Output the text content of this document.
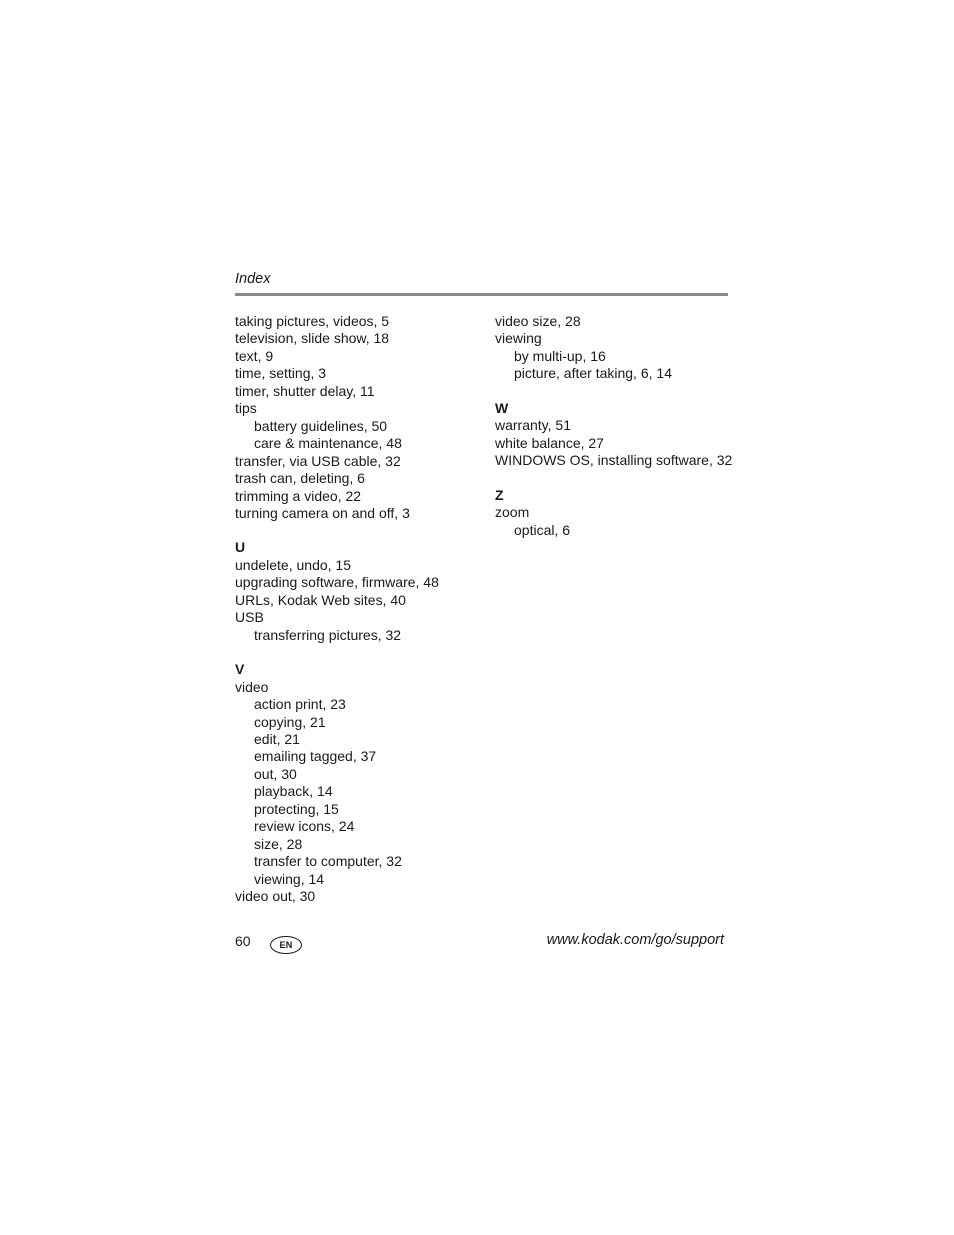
Index
taking pictures, videos, 5
television, slide show, 18
text, 9
time, setting, 3
timer, shutter delay, 11
tips
battery guidelines, 50
care & maintenance, 48
transfer, via USB cable, 32
trash can, deleting, 6
trimming a video, 22
turning camera on and off, 3
U
undelete, undo, 15
upgrading software, firmware, 48
URLs, Kodak Web sites, 40
USB
transferring pictures, 32
V
video
action print, 23
copying, 21
edit, 21
emailing tagged, 37
out, 30
playback, 14
protecting, 15
review icons, 24
size, 28
transfer to computer, 32
viewing, 14
video out, 30
video size, 28
viewing
by multi-up, 16
picture, after taking, 6, 14
W
warranty, 51
white balance, 27
WINDOWS OS, installing software, 32
Z
zoom
optical, 6
60	EN	www.kodak.com/go/support
